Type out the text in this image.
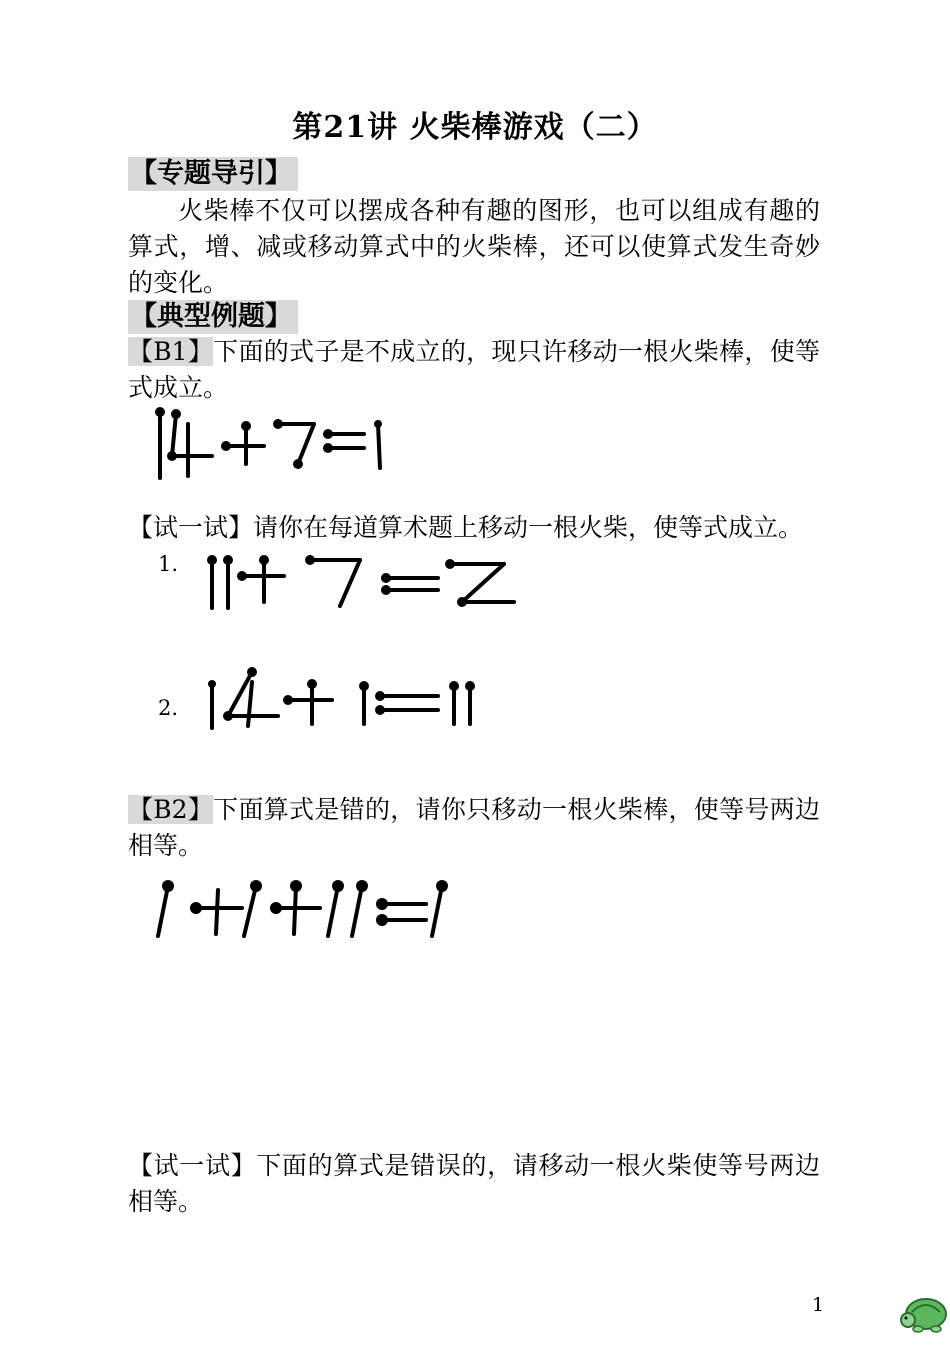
第21讲 火柴棒游戏（二）
【专题导引】
火柴棒不仅可以摆成各种有趣的图形，也可以组成有趣的算式，增、减或移动算式中的火柴棒，还可以使算式发生奇妙的变化。
【典型例题】
【B1】下面的式子是不成立的，现只许移动一根火柴棒，使等式成立。
【试一试】请你在每道算术题上移动一根火柴，使等式成立。
1.
2.
【B2】下面算式是错的，请你只移动一根火柴棒，使等号两边相等。
【试一试】下面的算式是错误的，请移动一根火柴使等号两边相等。
1
